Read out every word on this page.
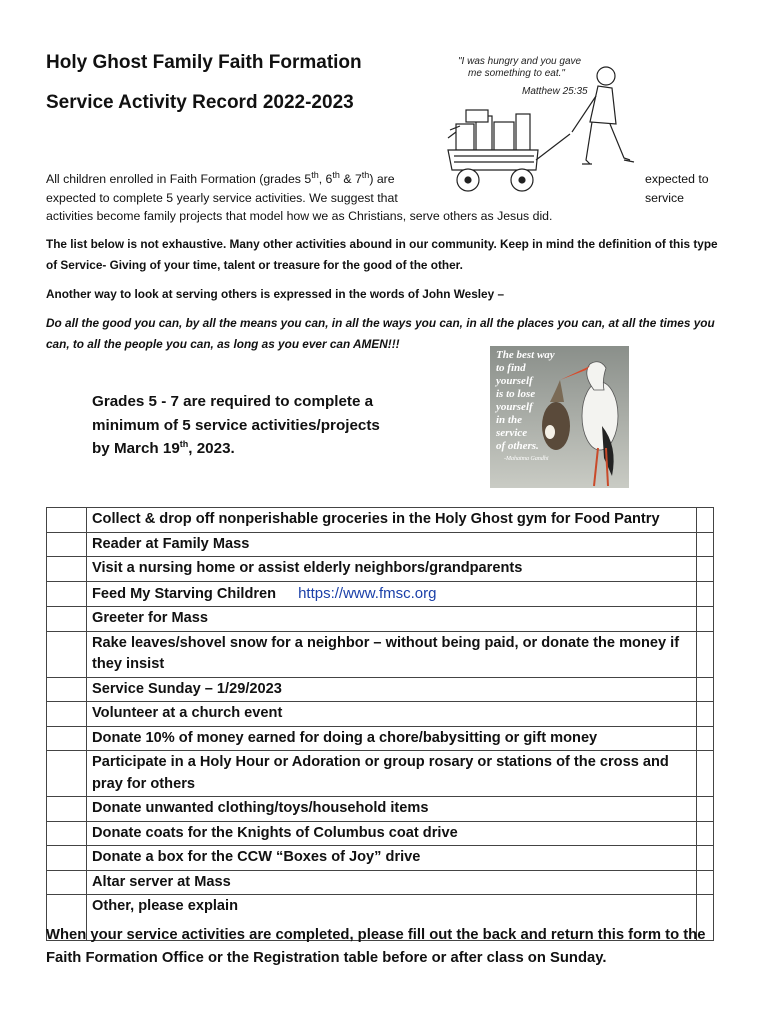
Holy Ghost Family Faith Formation
Service Activity Record 2022-2023
"I was hungry and you gave
me something to eat."
Matthew 25:35
All children enrolled in Faith Formation (grades 5th, 6th & 7th) are	expected to
expected to complete 5 yearly service activities. We suggest that	service
activities become family projects that model how we as Christians, serve others as Jesus did.
The list below is not exhaustive. Many other activities abound in our community. Keep in mind the definition of this type of Service- Giving of your time, talent or treasure for the good of the other.
Another way to look at serving others is expressed in the words of John Wesley –
Do all the good you can, by all the means you can, in all the ways you can, in all the places you can, at all the times you can, to all the people you can, as long as you ever can AMEN!!!
Grades 5 - 7 are required to complete a
minimum of 5 service activities/projects
by March 19th, 2023.
The best way to find yourself is to lose yourself in the service of others.
-Mahatma Gandhi
	Collect & drop off nonperishable groceries in the Holy Ghost gym for Food Pantry	
	Reader at Family Mass	
	Visit a nursing home or assist elderly neighbors/grandparents	
	Feed My Starving Children https://www.fmsc.org	
	Greeter for Mass	
	Rake leaves/shovel snow for a neighbor – without being paid, or donate the money if they insist	
	Service Sunday – 1/29/2023	
	Volunteer at a church event	
	Donate 10% of money earned for doing a chore/babysitting or gift money	
	Participate in a Holy Hour or Adoration or group rosary or stations of the cross and pray for others	
	Donate unwanted clothing/toys/household items	
	Donate coats for the Knights of Columbus coat drive	
	Donate a box for the CCW “Boxes of Joy” drive	
	Altar server at Mass	
	Other, please explain	
When your service activities are completed, please fill out the back and return this form to the Faith Formation Office or the Registration table before or after class on Sunday.
